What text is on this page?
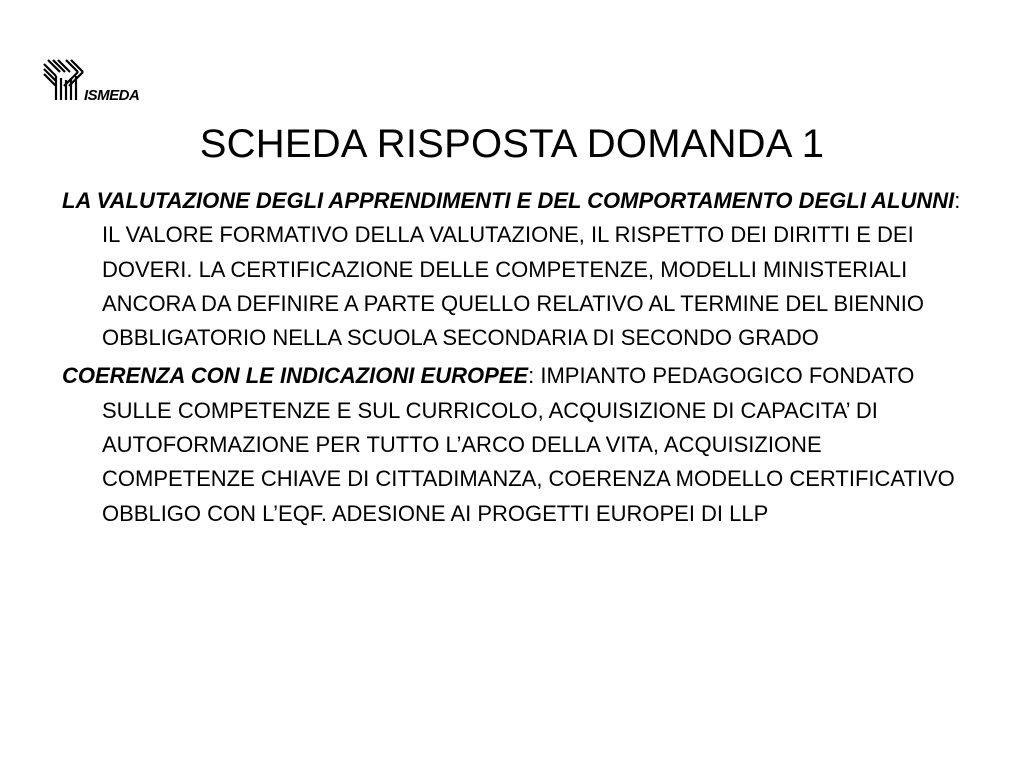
ISMEDA
SCHEDA RISPOSTA DOMANDA 1

LA VALUTAZIONE DEGLI APPRENDIMENTI E DEL COMPORTAMENTO DEGLI ALUNNI: IL VALORE FORMATIVO DELLA VALUTAZIONE, IL RISPETTO DEI DIRITTI E DEI DOVERI. LA CERTIFICAZIONE DELLE COMPETENZE, MODELLI MINISTERIALI ANCORA DA DEFINIRE A PARTE QUELLO RELATIVO AL TERMINE DEL BIENNIO OBBLIGATORIO NELLA SCUOLA SECONDARIA DI SECONDO GRADO

COERENZA CON LE INDICAZIONI EUROPEE: IMPIANTO PEDAGOGICO FONDATO SULLE COMPETENZE E SUL CURRICOLO, ACQUISIZIONE DI CAPACITA’ DI AUTOFORMAZIONE PER TUTTO L’ARCO DELLA VITA, ACQUISIZIONE COMPETENZE CHIAVE DI CITTADIMANZA, COERENZA MODELLO CERTIFICATIVO OBBLIGO CON L’EQF. ADESIONE AI PROGETTI EUROPEI DI LLP
